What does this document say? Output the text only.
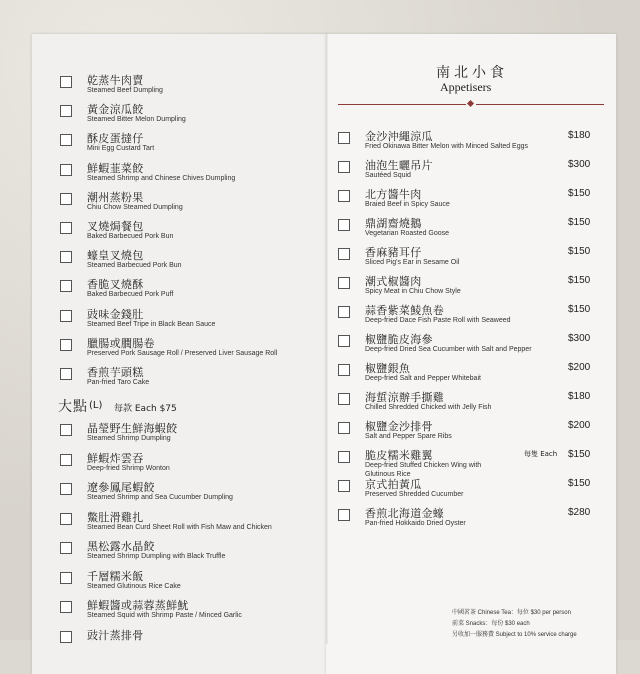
乾蒸牛肉賣
Steamed Beef Dumpling
黃金涼瓜餃
Steamed Bitter Melon Dumpling
酥皮蛋撻仔
Mini Egg Custard Tart
鮮蝦韮菜餃
Steamed Shrimp and Chinese Chives Dumpling
潮州蒸粉果
Chiu Chow Steamed Dumpling
叉燒焗餐包
Baked Barbecued Pork Bun
蠔皇叉燒包
Steamed Barbecued Pork Bun
香脆叉燒酥
Baked Barbecued Pork Puff
豉味金錢肚
Steamed Beef Tripe in Black Bean Sauce
臘腸或膶腸卷
Preserved Pork Sausage Roll / Preserved Liver Sausage Roll
香煎芋頭糕
Pan-fried Taro Cake
大點 (L) 每款 Each $75
晶瑩野生鮮海蝦餃
Steamed Shrimp Dumpling
鮮蝦炸雲吞
Deep-fried Shrimp Wonton
遼參鳳尾蝦餃
Steamed Shrimp and Sea Cucumber Dumpling
鱉肚滑雞扎
Steamed Bean Curd Sheet Roll with Fish Maw and Chicken
黑松露水晶餃
Steamed Shrimp Dumpling with Black Truffle
千層糯米飯
Steamed Glutinous Rice Cake
鮮蝦醬或蒜蓉蒸鮮魷
Steamed Squid with Shrimp Paste / Minced Garlic
豉汁蒸排骨
南北小食
Appetisers
金沙沖繩涼瓜
Fried Okinawa Bitter Melon with Minced Salted Eggs
$180
油泡生曬吊片
Sautéed Squid
$300
北方醬牛肉
Braied Beef in Spicy Sauce
$150
鼎湖齋燒鵝
Vegetarian Roasted Goose
$150
香麻豬耳仔
Sliced Pig's Ear in Sesame Oil
$150
潮式椒醬肉
Spicy Meat in Chiu Chow Style
$150
蒜香紫菜鯪魚卷
Deep-fried Dace Fish Paste Roll with Seaweed
$150
椒鹽脆皮海參
Deep-fried Dried Sea Cucumber with Salt and Pepper
$300
椒鹽銀魚
Deep-fried Salt and Pepper Whitebait
$200
海蜇涼辦手撕雞
Chilled Shredded Chicked with Jelly Fish
$180
椒鹽金沙排骨
Salt and Pepper Spare Ribs
$200
脆皮糯米雞翼
Deep-fried Stuffed Chicken Wing with
Glutinous Rice
每隻 Each $150
京式拍黃瓜
Preserved Shredded Cucumber
$150
香煎北海道金蠔
Pan-fried Hokkaido Dried Oyster
$280
中國茗茶 Chinese Tea：每位 $30 per person
前菜 Snacks：每份 $30 each
另收加一服務費 Subject to 10% service charge
